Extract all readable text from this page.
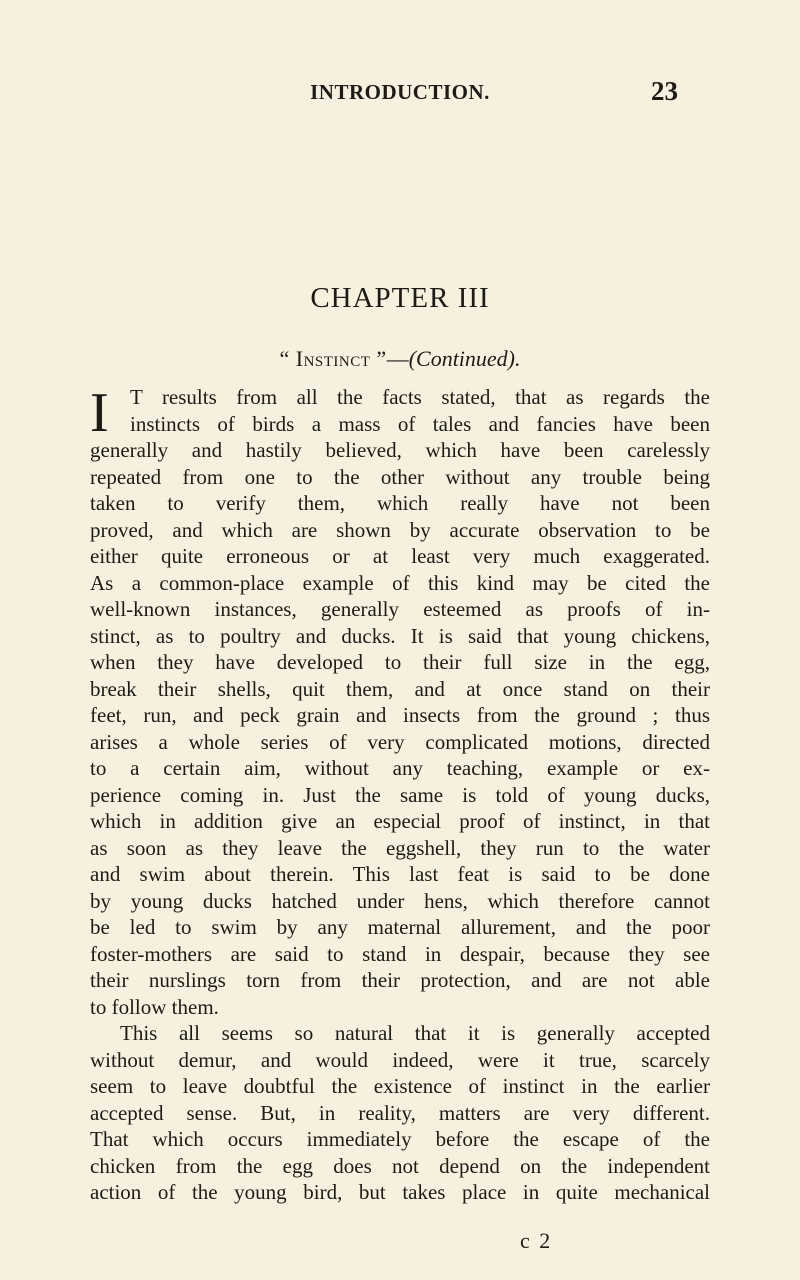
INTRODUCTION.	23
CHAPTER III
“ Instinct ”—(Continued).
I T results from all the facts stated, that as regards the
instincts of birds a mass of tales and fancies have been
generally and hastily believed, which have been carelessly
repeated from one to the other without any trouble being
taken to verify them, which really have not been
proved, and which are shown by accurate observation to be
either quite erroneous or at least very much exaggerated.
As a common-place example of this kind may be cited the
well-known instances, generally esteemed as proofs of in-
stinct, as to poultry and ducks. It is said that young chickens,
when they have developed to their full size in the egg,
break their shells, quit them, and at once stand on their
feet, run, and peck grain and insects from the ground ; thus
arises a whole series of very complicated motions, directed
to a certain aim, without any teaching, example or ex-
perience coming in. Just the same is told of young ducks,
which in addition give an especial proof of instinct, in that
as soon as they leave the eggshell, they run to the water
and swim about therein. This last feat is said to be done
by young ducks hatched under hens, which therefore cannot
be led to swim by any maternal allurement, and the poor
foster-mothers are said to stand in despair, because they see
their nurslings torn from their protection, and are not able
to follow them.
This all seems so natural that it is generally accepted
without demur, and would indeed, were it true, scarcely
seem to leave doubtful the existence of instinct in the earlier
accepted sense. But, in reality, matters are very different.
That which occurs immediately before the escape of the
chicken from the egg does not depend on the independent
action of the young bird, but takes place in quite mechanical
c 2
